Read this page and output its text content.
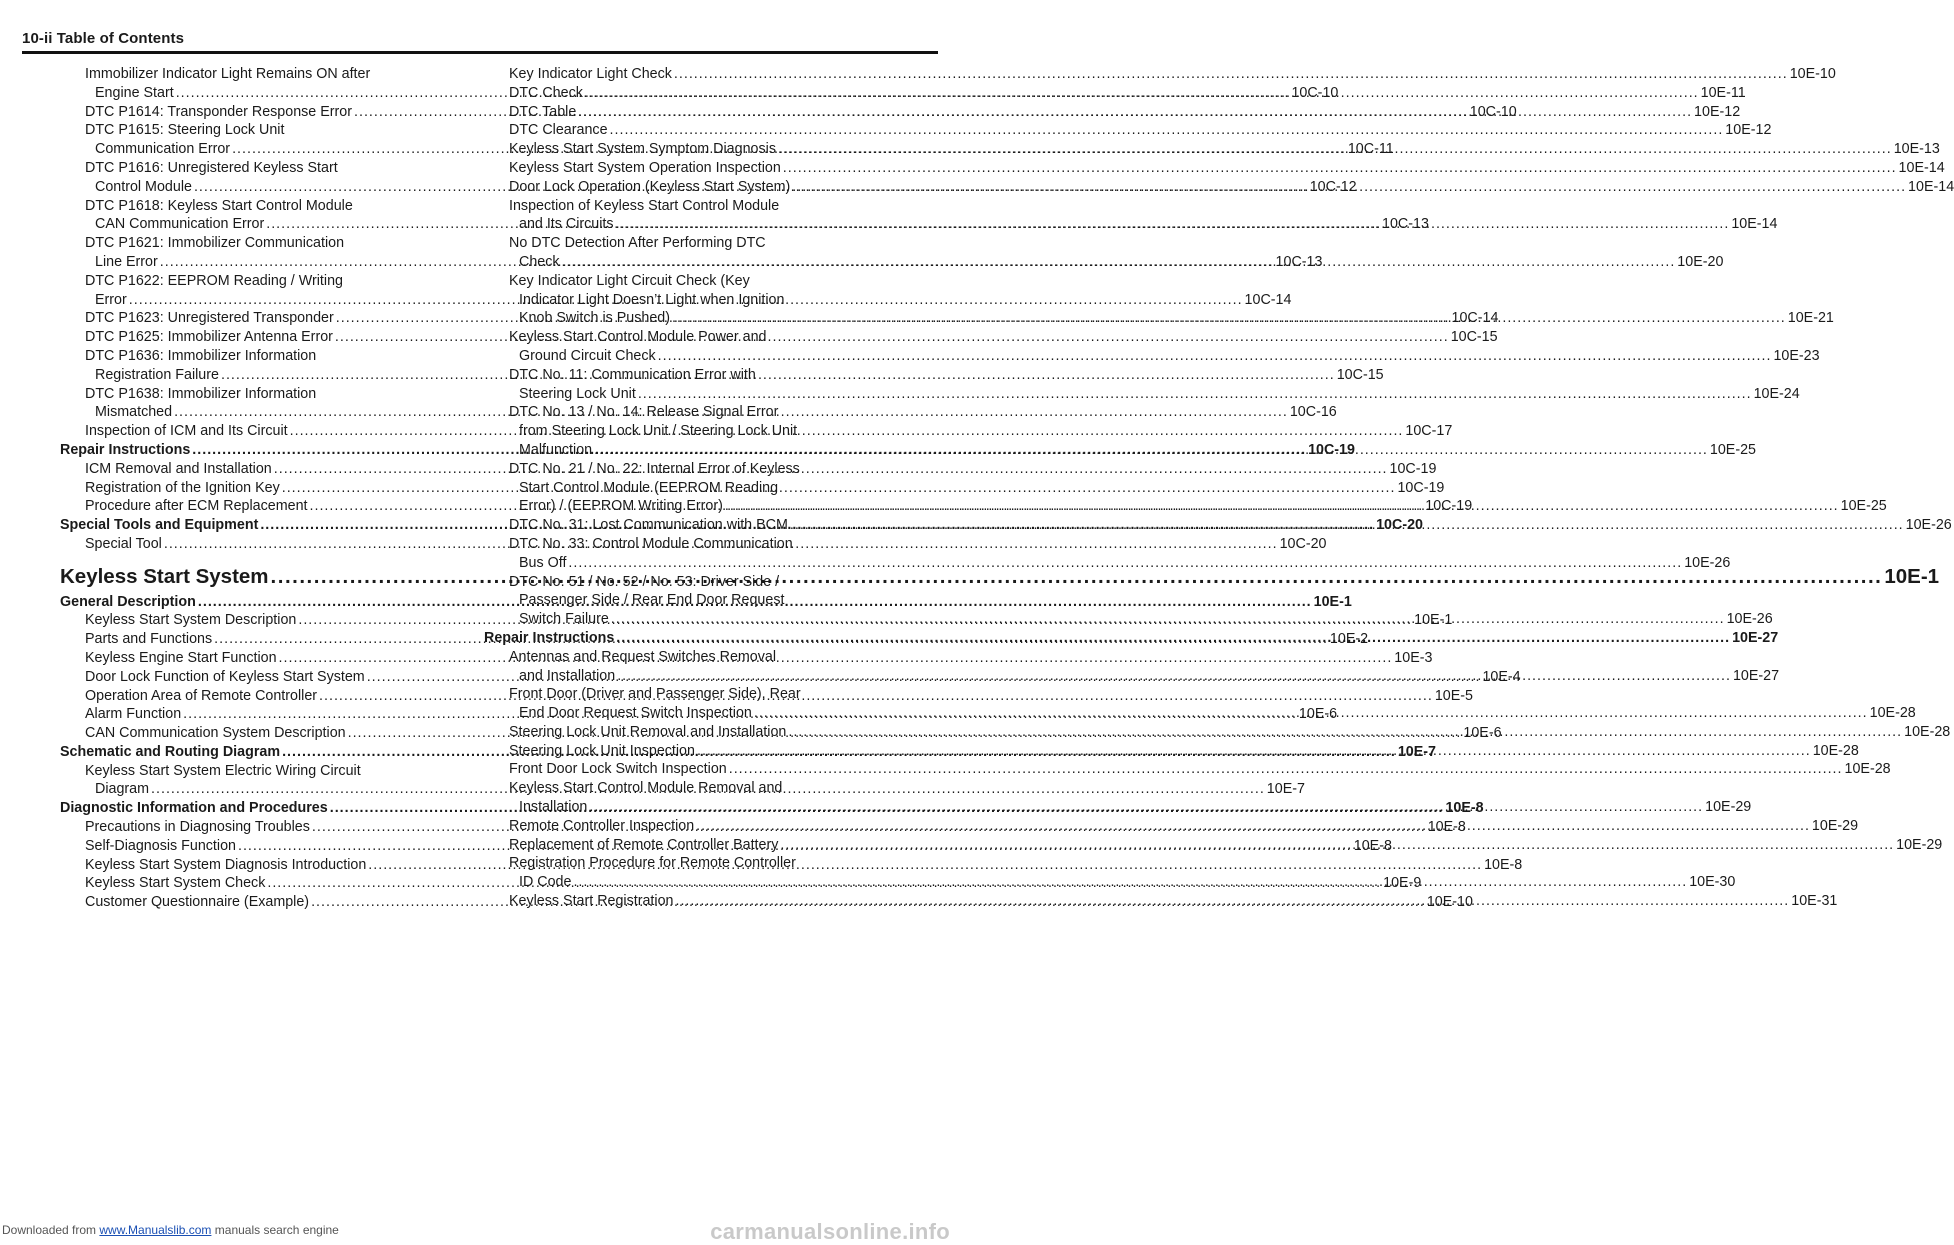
10-ii Table of Contents
Immobilizer Indicator Light Remains ON after
Engine Start .....	10C-10
DTC P1614: Transponder Response Error .....	10C-10
DTC P1615: Steering Lock Unit
Communication Error .....	10C-11
DTC P1616: Unregistered Keyless Start
Control Module .....	10C-12
DTC P1618: Keyless Start Control Module
CAN Communication Error .....	10C-13
DTC P1621: Immobilizer Communication
Line Error .....	10C-13
DTC P1622: EEPROM Reading / Writing
Error .....	10C-14
DTC P1623: Unregistered Transponder .....	10C-14
DTC P1625: Immobilizer Antenna Error .....	10C-15
DTC P1636: Immobilizer Information
Registration Failure .....	10C-15
DTC P1638: Immobilizer Information
Mismatched .....	10C-16
Inspection of ICM and Its Circuit .....	10C-17
Repair Instructions .....	10C-19
ICM Removal and Installation .....	10C-19
Registration of the Ignition Key .....	10C-19
Procedure after ECM Replacement .....	10C-19
Special Tools and Equipment .....	10C-20
Special Tool .....	10C-20
Keyless Start System .....	10E-1
General Description .....	10E-1
Keyless Start System Description .....	10E-1
Parts and Functions .....	10E-2
Keyless Engine Start Function .....	10E-3
Door Lock Function of Keyless Start System .....	10E-4
Operation Area of Remote Controller .....	10E-5
Alarm Function .....	10E-6
CAN Communication System Description .....	10E-6
Schematic and Routing Diagram .....	10E-7
Keyless Start System Electric Wiring Circuit
Diagram .....	10E-7
Diagnostic Information and Procedures .....	10E-8
Precautions in Diagnosing Troubles .....	10E-8
Self-Diagnosis Function .....	10E-8
Keyless Start System Diagnosis Introduction .....	10E-8
Keyless Start System Check .....	10E-9
Customer Questionnaire (Example) .....	10E-10
Key Indicator Light Check .....	10E-10
DTC Check .....	10E-11
DTC Table .....	10E-12
DTC Clearance .....	10E-12
Keyless Start System Symptom Diagnosis .....	10E-13
Keyless Start System Operation Inspection .....	10E-14
Door Lock Operation (Keyless Start System) .....	10E-14
Inspection of Keyless Start Control Module
and Its Circuits .....	10E-14
No DTC Detection After Performing DTC
Check .....	10E-20
Key Indicator Light Circuit Check (Key
Indicator Light Doesn’t Light when Ignition
Knob Switch is Pushed) .....	10E-21
Keyless Start Control Module Power and
Ground Circuit Check .....	10E-23
DTC No. 11: Communication Error with
Steering Lock Unit .....	10E-24
DTC No. 13 / No. 14: Release Signal Error
from Steering Lock Unit / Steering Lock Unit
Malfunction .....	10E-25
DTC No. 21 / No. 22: Internal Error of Keyless
Start Control Module (EEPROM Reading
Error) / (EEPROM Writing Error) .....	10E-25
DTC No. 31: Lost Communication with BCM .....	10E-26
DTC No. 33: Control Module Communication
Bus Off .....	10E-26
DTC No. 51 / No. 52 / No. 53: Driver Side /
Passenger Side / Rear End Door Request
Switch Failure .....	10E-26
Repair Instructions .....	10E-27
Antennas and Request Switches Removal
and Installation .....	10E-27
Front Door (Driver and Passenger Side), Rear
End Door Request Switch Inspection .....	10E-28
Steering Lock Unit Removal and Installation .....	10E-28
Steering Lock Unit Inspection .....	10E-28
Front Door Lock Switch Inspection .....	10E-28
Keyless Start Control Module Removal and
Installation .....	10E-29
Remote Controller Inspection .....	10E-29
Replacement of Remote Controller Battery .....	10E-29
Registration Procedure for Remote Controller
ID Code .....	10E-30
Keyless Start Registration .....	10E-31
Downloaded from www.Manualslib.com manuals search engine	carmanualsonline.info
